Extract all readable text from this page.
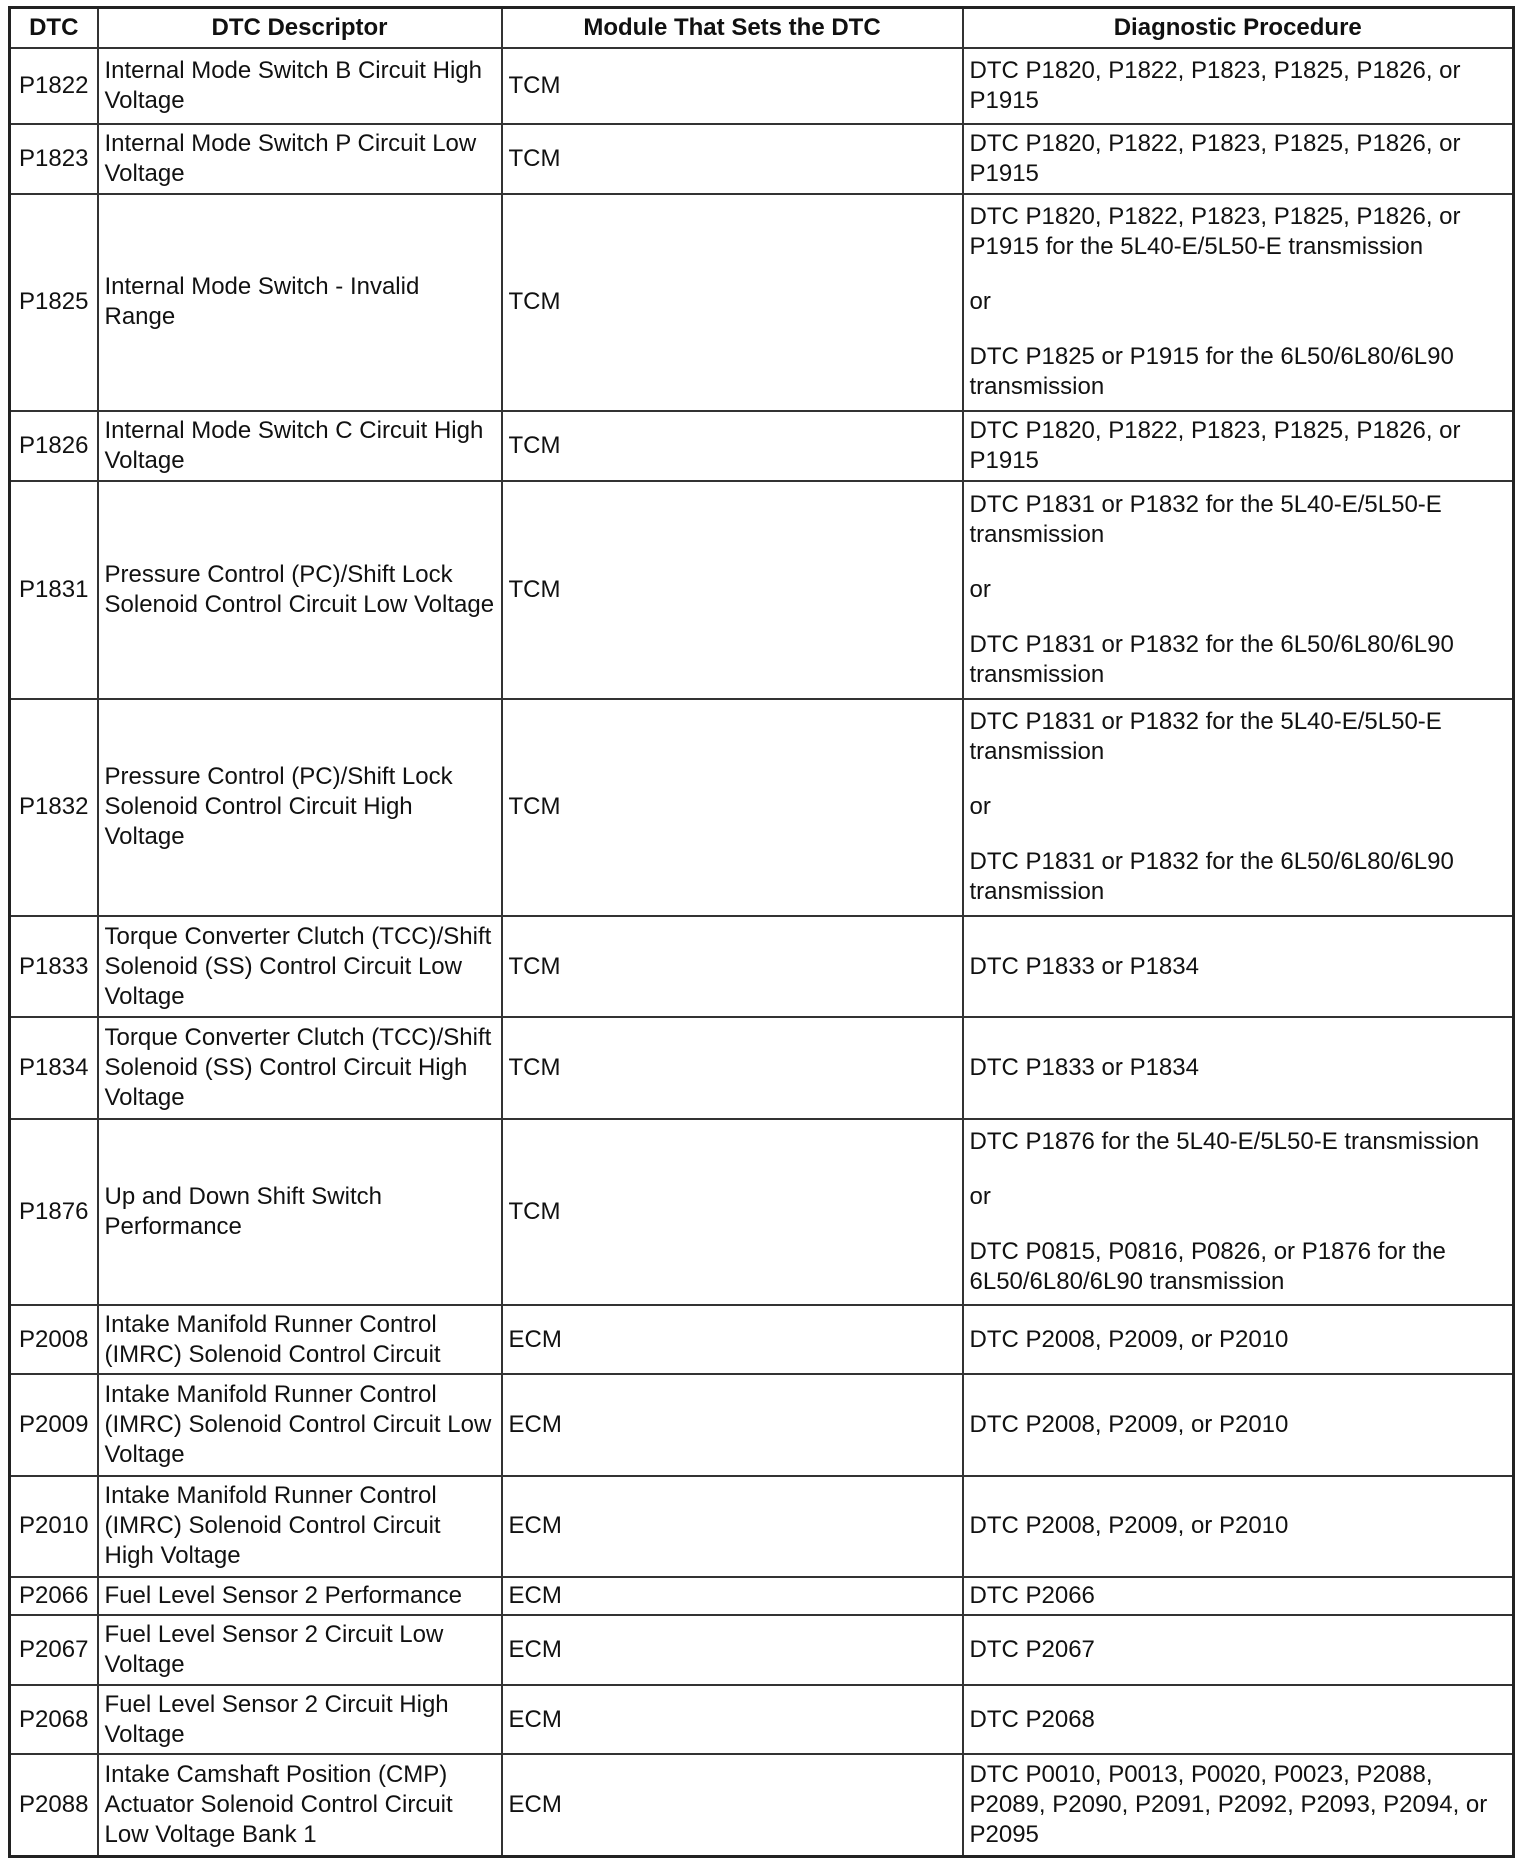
DTC	DTC Descriptor	Module That Sets the DTC	Diagnostic Procedure
P1822	Internal Mode Switch B Circuit High Voltage	TCM	DTC P1820, P1822, P1823, P1825, P1826, or P1915

P1823	Internal Mode Switch P Circuit Low Voltage	TCM	DTC P1820, P1822, P1823, P1825, P1826, or P1915

P1825	Internal Mode Switch - Invalid Range	TCM	DTC P1820, P1822, P1823, P1825, P1826, or P1915 for the 5L40-E/5L50-E transmission
or
DTC P1825 or P1915 for the 6L50/6L80/6L90 transmission

P1826	Internal Mode Switch C Circuit High Voltage	TCM	DTC P1820, P1822, P1823, P1825, P1826, or P1915

P1831	Pressure Control (PC)/Shift Lock Solenoid Control Circuit Low Voltage	TCM	DTC P1831 or P1832 for the 5L40-E/5L50-E transmission
or
DTC P1831 or P1832 for the 6L50/6L80/6L90 transmission

P1832	Pressure Control (PC)/Shift Lock Solenoid Control Circuit High Voltage	TCM	DTC P1831 or P1832 for the 5L40-E/5L50-E transmission
or
DTC P1831 or P1832 for the 6L50/6L80/6L90 transmission

P1833	Torque Converter Clutch (TCC)/Shift Solenoid (SS) Control Circuit Low Voltage	TCM	DTC P1833 or P1834

P1834	Torque Converter Clutch (TCC)/Shift Solenoid (SS) Control Circuit High Voltage	TCM	DTC P1833 or P1834

P1876	Up and Down Shift Switch Performance	TCM	DTC P1876 for the 5L40-E/5L50-E transmission
or
DTC P0815, P0816, P0826, or P1876 for the 6L50/6L80/6L90 transmission

P2008	Intake Manifold Runner Control (IMRC) Solenoid Control Circuit	ECM	DTC P2008, P2009, or P2010

P2009	Intake Manifold Runner Control (IMRC) Solenoid Control Circuit Low Voltage	ECM	DTC P2008, P2009, or P2010

P2010	Intake Manifold Runner Control (IMRC) Solenoid Control Circuit High Voltage	ECM	DTC P2008, P2009, or P2010

P2066	Fuel Level Sensor 2 Performance	ECM	DTC P2066

P2067	Fuel Level Sensor 2 Circuit Low Voltage	ECM	DTC P2067

P2068	Fuel Level Sensor 2 Circuit High Voltage	ECM	DTC P2068

P2088	Intake Camshaft Position (CMP) Actuator Solenoid Control Circuit Low Voltage Bank 1	ECM	DTC P0010, P0013, P0020, P0023, P2088, P2089, P2090, P2091, P2092, P2093, P2094, or P2095
